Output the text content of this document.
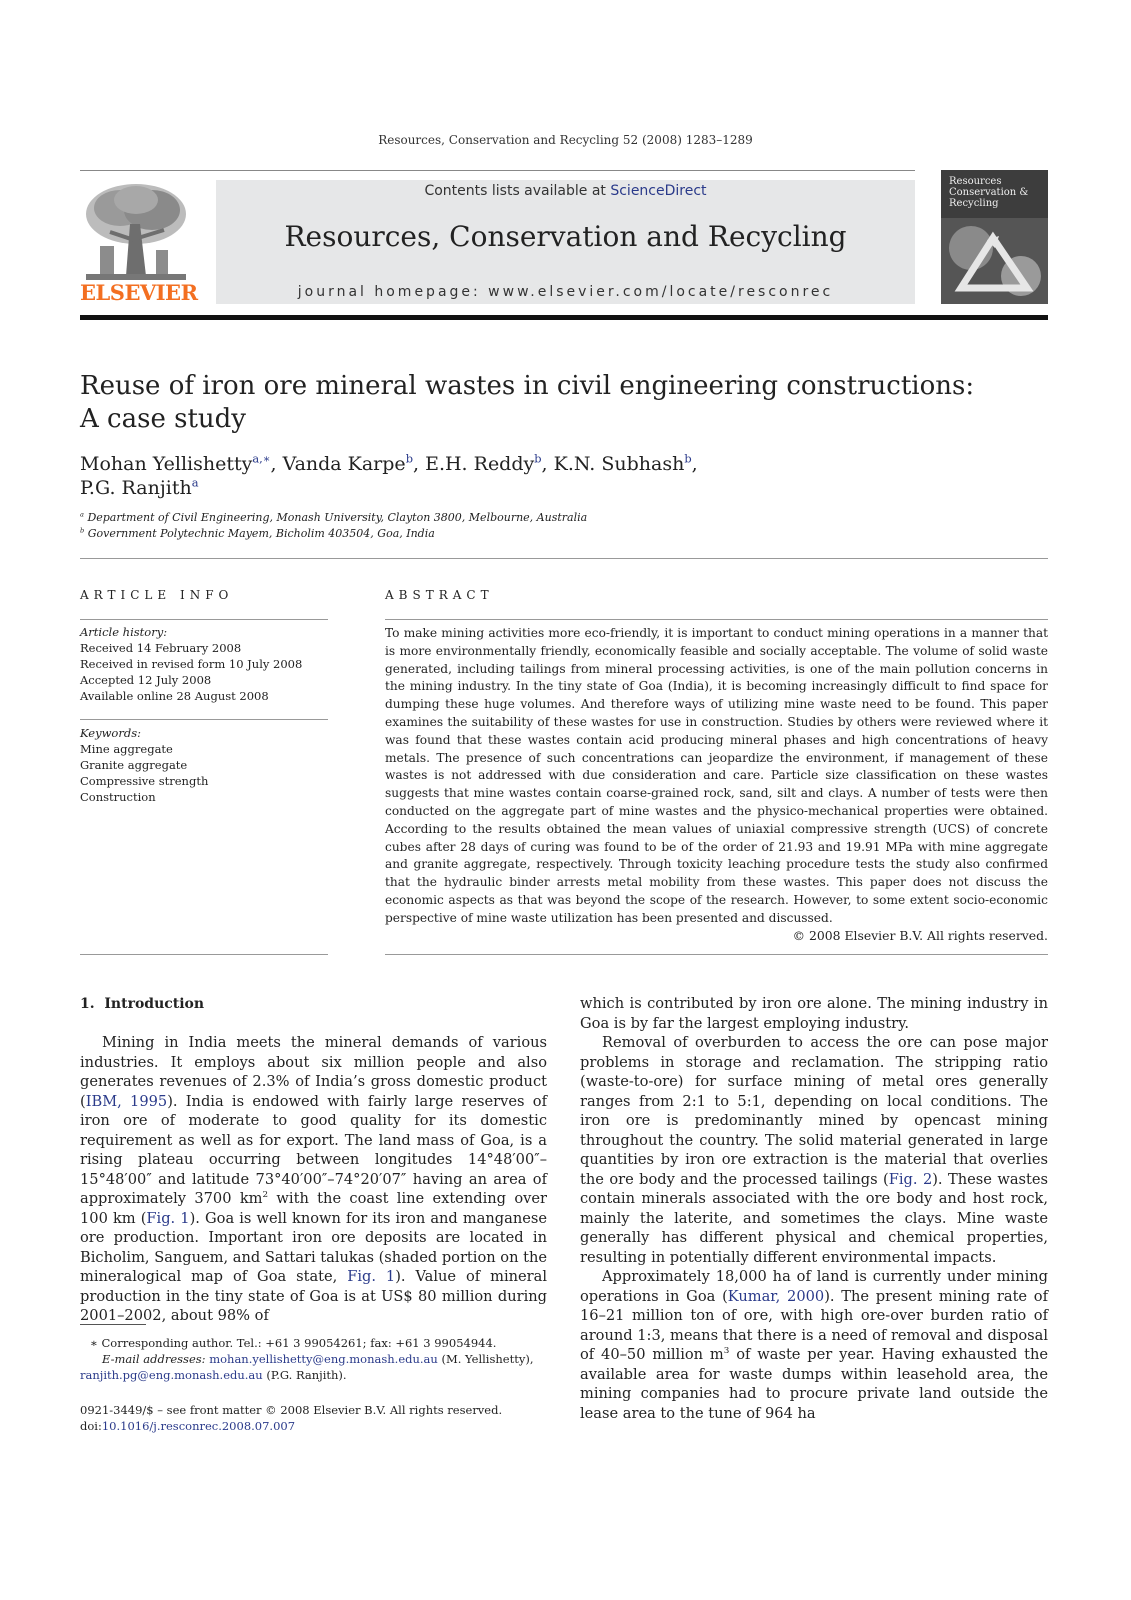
Resources, Conservation and Recycling 52 (2008) 1283–1289
ELSEVIER
Contents lists available at ScienceDirect
Resources, Conservation and Recycling
journal homepage: www.elsevier.com/locate/resconrec
Resources Conservation & Recycling
Reuse of iron ore mineral wastes in civil engineering constructions:
A case study
Mohan Yellishetty$^{a,∗}$, Vanda Karpe$^b$, E.H. Reddy$^b$, K.N. Subhash$^b$,
P.G. Ranjith$^a$
$^a$ Department of Civil Engineering, Monash University, Clayton 3800, Melbourne, Australia
$^b$ Government Polytechnic Mayem, Bicholim 403504, Goa, India
ARTICLE INFO	ABSTRACT
Article history:
Received 14 February 2008
Received in revised form 10 July 2008
Accepted 12 July 2008
Available online 28 August 2008
Keywords:
Mine aggregate
Granite aggregate
Compressive strength
Construction
To make mining activities more eco-friendly, it is important to conduct mining operations in a manner that is more environmentally friendly, economically feasible and socially acceptable. The volume of solid waste generated, including tailings from mineral processing activities, is one of the main pollution concerns in the mining industry. In the tiny state of Goa (India), it is becoming increasingly difficult to find space for dumping these huge volumes. And therefore ways of utilizing mine waste need to be found. This paper examines the suitability of these wastes for use in construction. Studies by others were reviewed where it was found that these wastes contain acid producing mineral phases and high concentrations of heavy metals. The presence of such concentrations can jeopardize the environment, if management of these wastes is not addressed with due consideration and care. Particle size classification on these wastes suggests that mine wastes contain coarse-grained rock, sand, silt and clays. A number of tests were then conducted on the aggregate part of mine wastes and the physico-mechanical properties were obtained. According to the results obtained the mean values of uniaxial compressive strength (UCS) of concrete cubes after 28 days of curing was found to be of the order of 21.93 and 19.91 MPa with mine aggregate and granite aggregate, respectively. Through toxicity leaching procedure tests the study also confirmed that the hydraulic binder arrests metal mobility from these wastes. This paper does not discuss the economic aspects as that was beyond the scope of the research. However, to some extent socio-economic perspective of mine waste utilization has been presented and discussed.
© 2008 Elsevier B.V. All rights reserved.
1. Introduction

Mining in India meets the mineral demands of various industries. It employs about six million people and also generates revenues of 2.3% of India’s gross domestic product (IBM, 1995). India is endowed with fairly large reserves of iron ore of moderate to good quality for its domestic requirement as well as for export. The land mass of Goa, is a rising plateau occurring between longitudes 14°48′00″–15°48′00″ and latitude 73°40′00″–74°20′07″ having an area of approximately 3700 $km^2$ with the coast line extending over 100 km (Fig. 1). Goa is well known for its iron and manganese ore production. Important iron ore deposits are located in Bicholim, Sanguem, and Sattari talukas (shaded portion on the mineralogical map of Goa state, Fig. 1). Value of mineral production in the tiny state of Goa is at US$ 80 million during 2001–2002, about 98% of

which is contributed by iron ore alone. The mining industry in Goa is by far the largest employing industry.

Removal of overburden to access the ore can pose major problems in storage and reclamation. The stripping ratio (waste-to-ore) for surface mining of metal ores generally ranges from 2:1 to 5:1, depending on local conditions. The iron ore is predominantly mined by opencast mining throughout the country. The solid material generated in large quantities by iron ore extraction is the material that overlies the ore body and the processed tailings (Fig. 2). These wastes contain minerals associated with the ore body and host rock, mainly the laterite, and sometimes the clays. Mine waste generally has different physical and chemical properties, resulting in potentially different environmental impacts.

Approximately 18,000 ha of land is currently under mining operations in Goa (Kumar, 2000). The present mining rate of 16–21 million ton of ore, with high ore-over burden ratio of around 1:3, means that there is a need of removal and disposal of 40–50 million $m^3$ of waste per year. Having exhausted the available area for waste dumps within leasehold area, the mining companies had to procure private land outside the lease area to the tune of 964 ha

∗ Corresponding author. Tel.: +61 3 99054261; fax: +61 3 99054944.
E-mail addresses: mohan.yellishetty@eng.monash.edu.au (M. Yellishetty),
ranjith.pg@eng.monash.edu.au (P.G. Ranjith).
0921-3449/$ – see front matter © 2008 Elsevier B.V. All rights reserved.
doi:10.1016/j.resconrec.2008.07.007
